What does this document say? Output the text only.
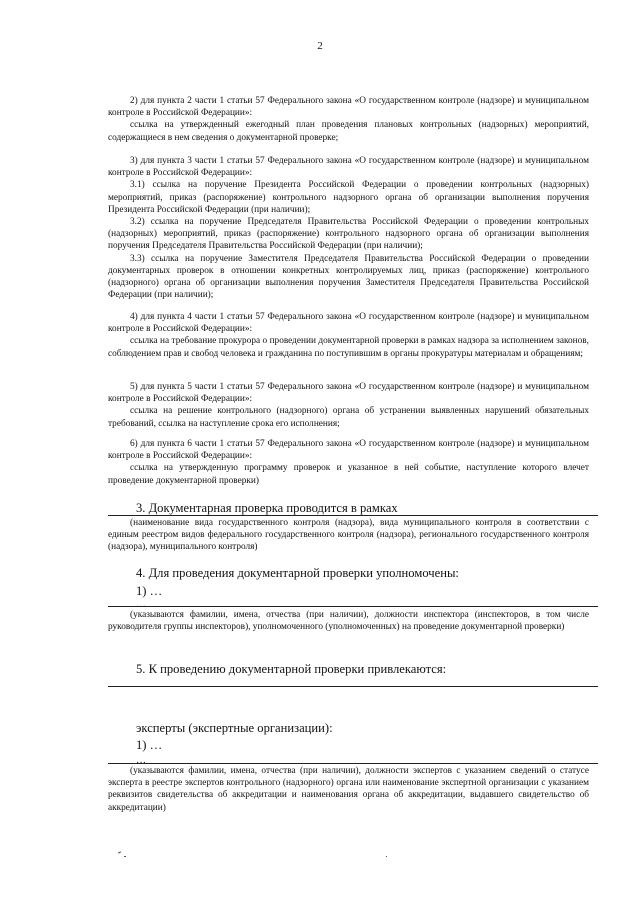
2

2) для пункта 2 части 1 статьи 57 Федерального закона «О государственном контроле (надзоре) и муниципальном контроле в Российской Федерации»:

ссылка на утвержденный ежегодный план проведения плановых контрольных (надзорных) мероприятий, содержащиеся в нем сведения о документарной проверке;

3) для пункта 3 части 1 статьи 57 Федерального закона «О государственном контроле (надзоре) и муниципальном контроле в Российской Федерации»:

3.1) ссылка на поручение Президента Российской Федерации о проведении контрольных (надзорных) мероприятий, приказ (распоряжение) контрольного надзорного органа об организации выполнения поручения Президента Российской Федерации (при наличии);

3.2) ссылка на поручение Председателя Правительства Российской Федерации о проведении контрольных (надзорных) мероприятий, приказ (распоряжение) контрольного надзорного органа об организации выполнения поручения Председателя Правительства Российской Федерации (при наличии);

3.3) ссылка на поручение Заместителя Председателя Правительства Российской Федерации о проведении документарных проверок в отношении конкретных контролируемых лиц, приказ (распоряжение) контрольного (надзорного) органа об организации выполнения поручения Заместителя Председателя Правительства Российской Федерации (при наличии);

4) для пункта 4 части 1 статьи 57 Федерального закона «О государственном контроле (надзоре) и муниципальном контроле в Российской Федерации»:

ссылка на требование прокурора о проведении документарной проверки в рамках надзора за исполнением законов, соблюдением прав и свобод человека и гражданина по поступившим в органы прокуратуры материалам и обращениям;

5) для пункта 5 части 1 статьи 57 Федерального закона «О государственном контроле (надзоре) и муниципальном контроле в Российской Федерации»:

ссылка на решение контрольного (надзорного) органа об устранении выявленных нарушений обязательных требований, ссылка на наступление срока его исполнения;

6) для пункта 6 части 1 статьи 57 Федерального закона «О государственном контроле (надзоре) и муниципальном контроле в Российской Федерации»:

ссылка на утвержденную программу проверок и указанное в ней событие, наступление которого влечет проведение документарной проверки)

3. Документарная проверка проводится в рамках

(наименование вида государственного контроля (надзора), вида муниципального контроля в соответствии с единым реестром видов федерального государственного контроля (надзора), регионального государственного контроля (надзора), муниципального контроля)

4. Для проведения документарной проверки уполномочены:
1) …
…

(указываются фамилии, имена, отчества (при наличии), должности инспектора (инспекторов, в том числе руководителя группы инспекторов), уполномоченного (уполномоченных) на проведение документарной проверки)

5. К проведению документарной проверки привлекаются:
эксперты (экспертные организации):
1) …
…

(указываются фамилии, имена, отчества (при наличии), должности экспертов с указанием сведений о статусе эксперта в реестре экспертов контрольного (надзорного) органа или наименование экспертной организации с указанием реквизитов свидетельства об аккредитации и наименования органа об аккредитации, выдавшего свидетельство об аккредитации)
